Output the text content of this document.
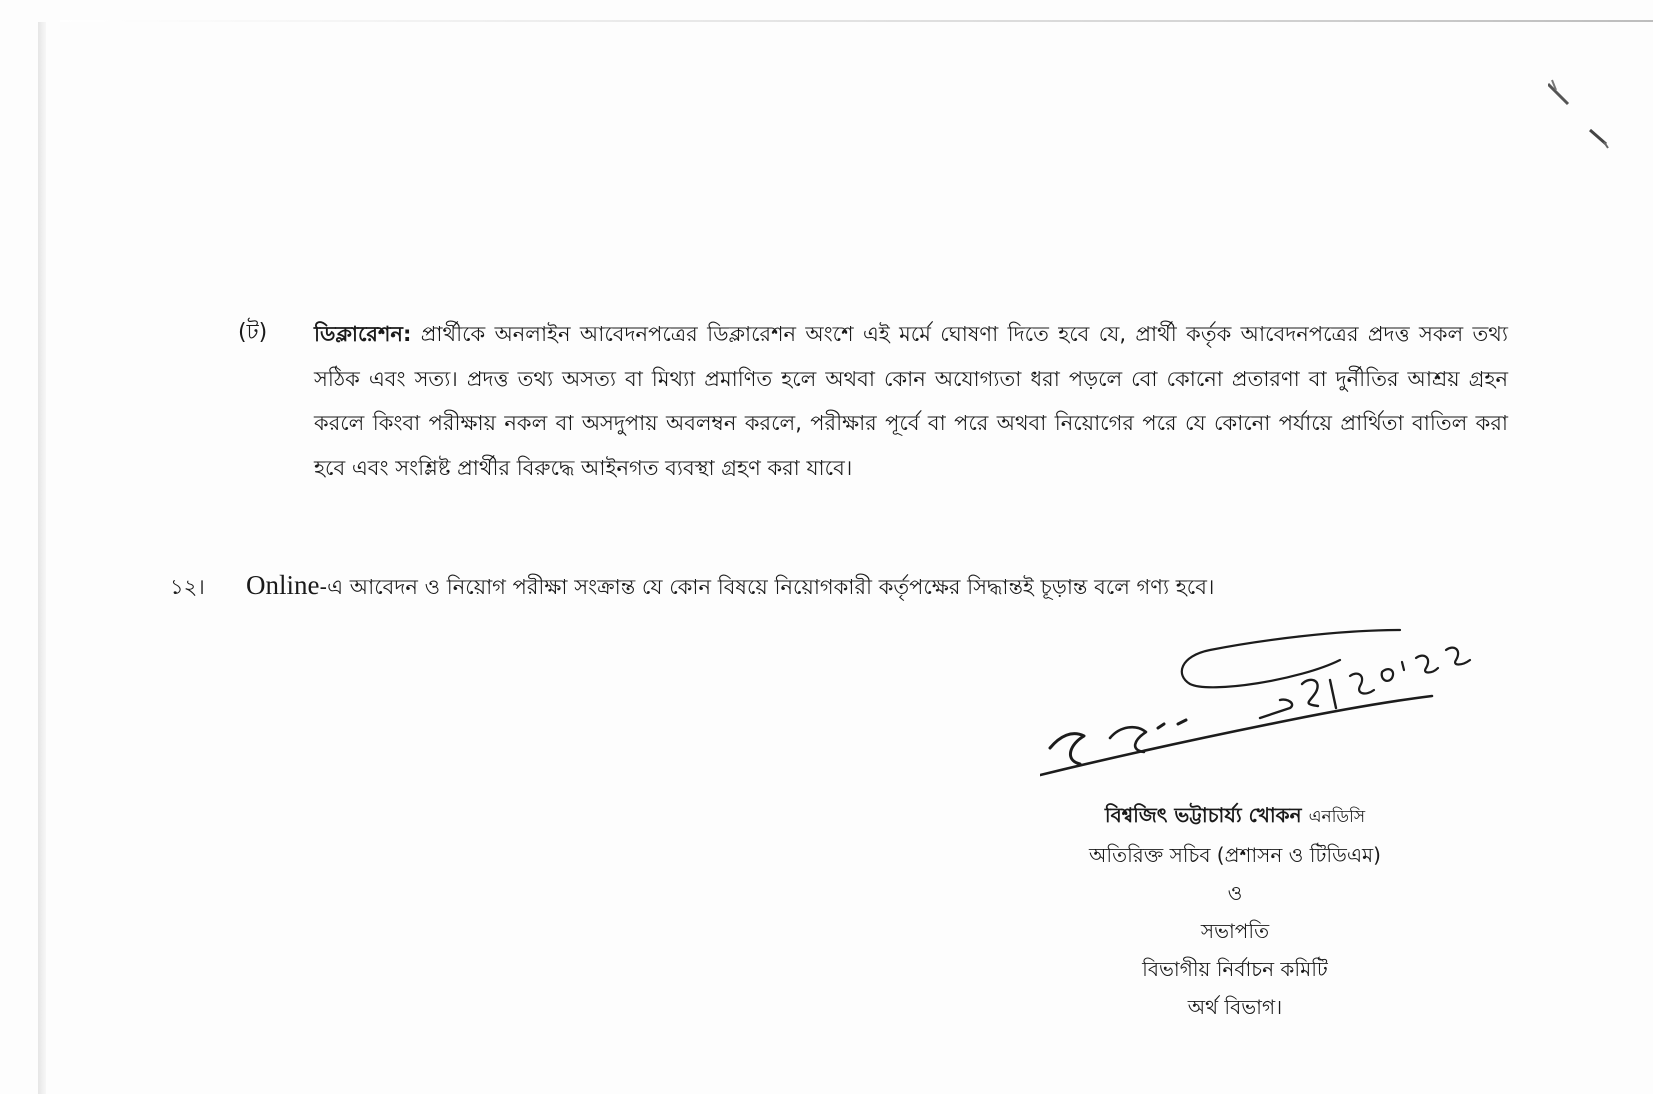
(ট) ডিক্লারেশন: প্রার্থীকে অনলাইন আবেদনপত্রের ডিক্লারেশন অংশে এই মর্মে ঘোষণা দিতে হবে যে, প্রার্থী কর্তৃক আবেদনপত্রের প্রদত্ত সকল তথ্য সঠিক এবং সত্য। প্রদত্ত তথ্য অসত্য বা মিথ্যা প্রমাণিত হলে অথবা কোন অযোগ্যতা ধরা পড়লে বো কোনো প্রতারণা বা দুর্নীতির আশ্রয় গ্রহন করলে কিংবা পরীক্ষায় নকল বা অসদুপায় অবলম্বন করলে, পরীক্ষার পূর্বে বা পরে অথবা নিয়োগের পরে যে কোনো পর্যায়ে প্রার্থিতা বাতিল করা হবে এবং সংশ্লিষ্ট প্রার্থীর বিরুদ্ধে আইনগত ব্যবস্থা গ্রহণ করা যাবে।
১২। Online-এ আবেদন ও নিয়োগ পরীক্ষা সংক্রান্ত যে কোন বিষয়ে নিয়োগকারী কর্তৃপক্ষের সিদ্ধান্তই চূড়ান্ত বলে গণ্য হবে।
বিশ্বজিৎ ভট্টাচার্য্য খোকন এনডিসি
অতিরিক্ত সচিব (প্রশাসন ও টিডিএম)
ও
সভাপতি
বিভাগীয় নির্বাচন কমিটি
অর্থ বিভাগ।
